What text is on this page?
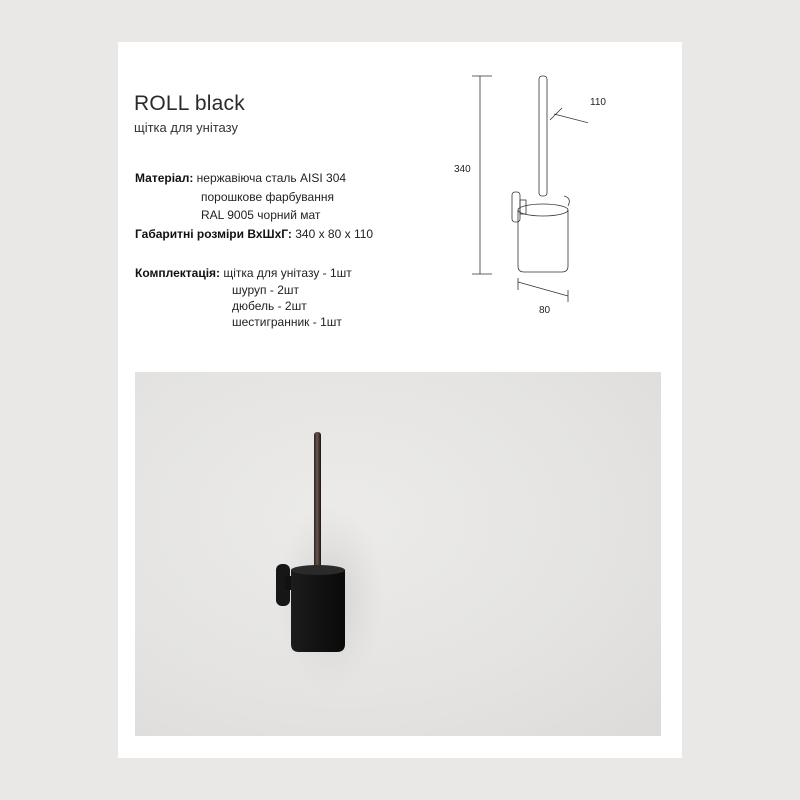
ROLL black
щітка для унітазу
Матеріал: нержавіюча сталь AISI 304
порошкове фарбування
RAL 9005 чорний мат
Габаритні розміри ВхШхГ: 340 x 80 x 110
Комплектація: щітка для унітазу - 1шт
шуруп - 2шт
дюбель - 2шт
шестигранник - 1шт
340
80
110
